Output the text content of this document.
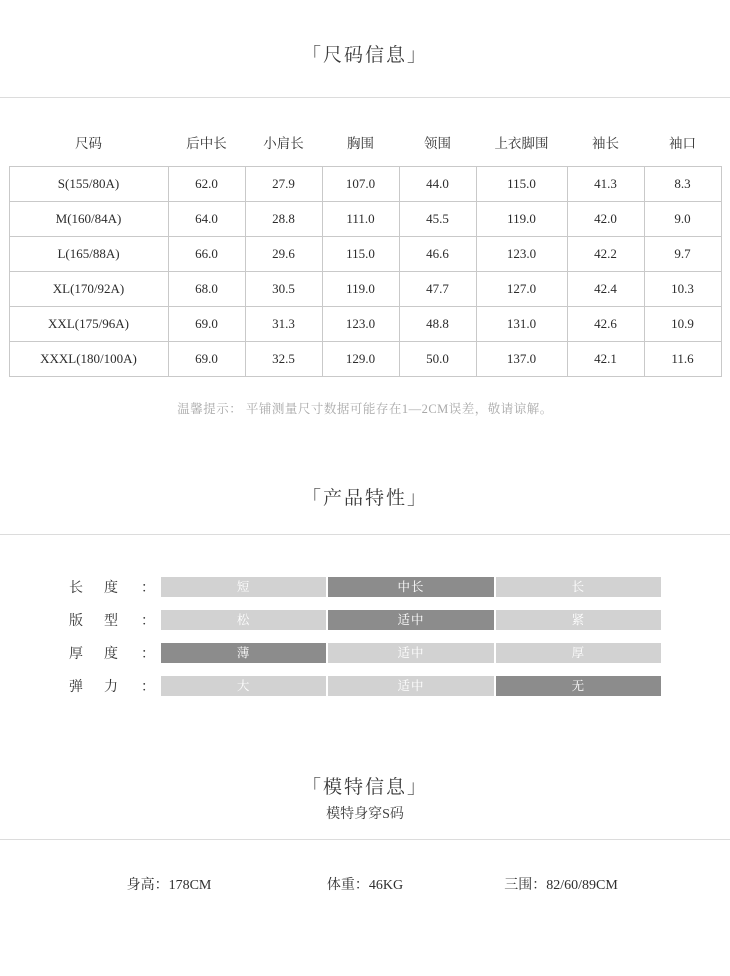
「尺码信息」
尺码	后中长	小肩长	胸围	领围	上衣脚围	袖长	袖口
S(155/80A)	62.0	27.9	107.0	44.0	115.0	41.3	8.3
M(160/84A)	64.0	28.8	111.0	45.5	119.0	42.0	9.0
L(165/88A)	66.0	29.6	115.0	46.6	123.0	42.2	9.7
XL(170/92A)	68.0	30.5	119.0	47.7	127.0	42.4	10.3
XXL(175/96A)	69.0	31.3	123.0	48.8	131.0	42.6	10.9
XXXL(180/100A)	69.0	32.5	129.0	50.0	137.0	42.1	11.6
温馨提示： 平铺测量尺寸数据可能存在1—2CM误差，敬请谅解。
「产品特性」
长 度 ：	短	中长	长
版 型 ：	松	适中	紧
厚 度 ：	薄	适中	厚
弹 力 ：	大	适中	无
「模特信息」
模特身穿S码
身高：178CM	体重：46KG	三围：82/60/89CM
